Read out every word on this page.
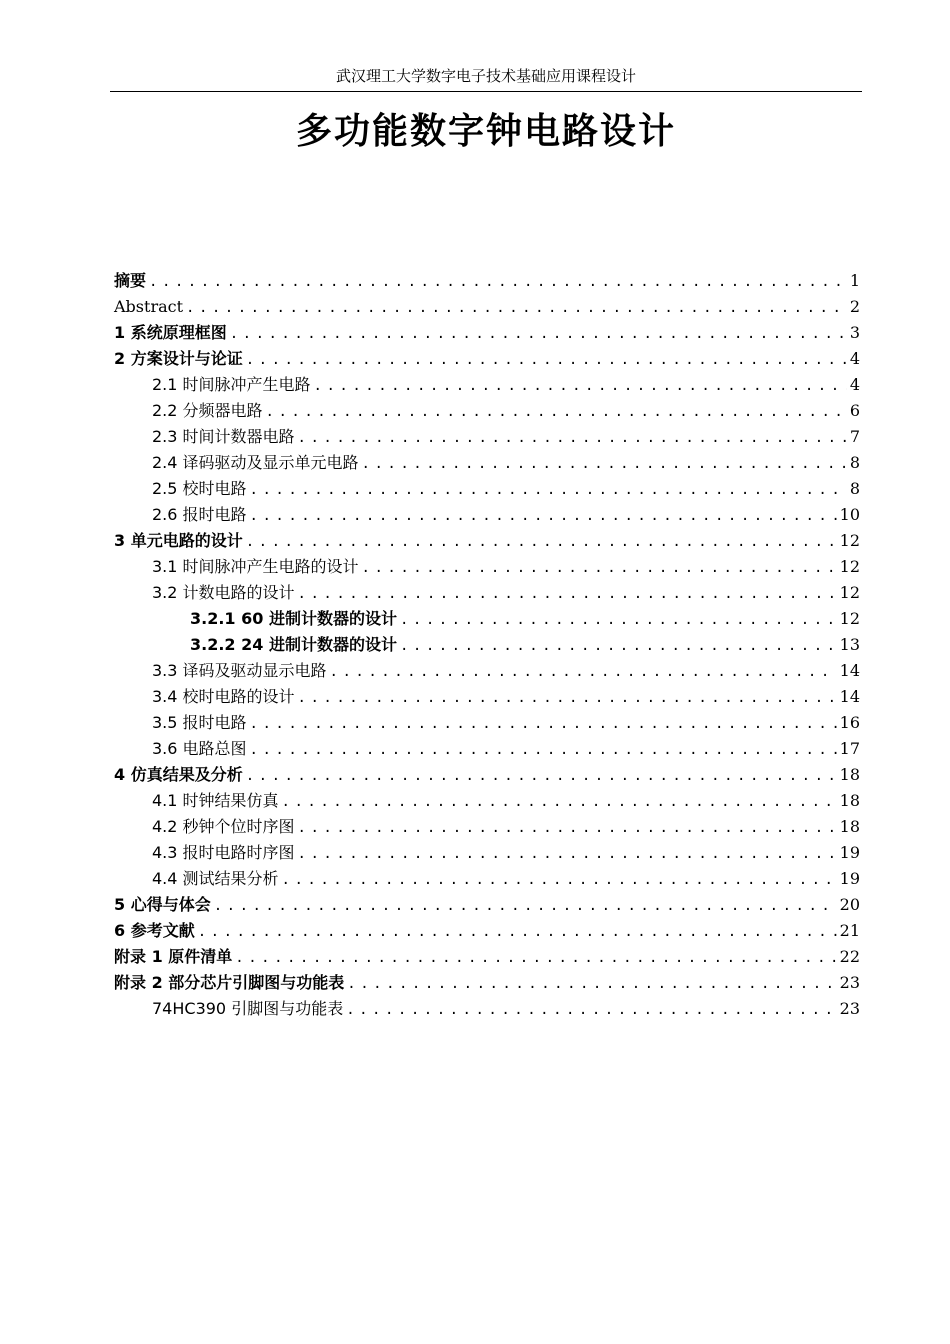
武汉理工大学数字电子技术基础应用课程设计
多功能数字钟电路设计
摘要 .....	1
Abstract .....	2
1 系统原理框图 .....	3
2 方案设计与论证 .....	4
2.1 时间脉冲产生电路 .....	4
2.2 分频器电路 .....	6
2.3 时间计数器电路 .....	7
2.4 译码驱动及显示单元电路 .....	8
2.5 校时电路 .....	8
2.6 报时电路 .....	10
3 单元电路的设计 .....	12
3.1 时间脉冲产生电路的设计 .....	12
3.2 计数电路的设计 .....	12
3.2.1 60 进制计数器的设计 .....	12
3.2.2 24 进制计数器的设计 .....	13
3.3 译码及驱动显示电路 .....	14
3.4 校时电路的设计 .....	14
3.5 报时电路 .....	16
3.6 电路总图 .....	17
4 仿真结果及分析 .....	18
4.1 时钟结果仿真 .....	18
4.2 秒钟个位时序图 .....	18
4.3 报时电路时序图 .....	19
4.4 测试结果分析 .....	19
5 心得与体会 .....	20
6 参考文献 .....	21
附录 1 原件清单 .....	22
附录 2 部分芯片引脚图与功能表 .....	23
74HC390 引脚图与功能表 .....	23
